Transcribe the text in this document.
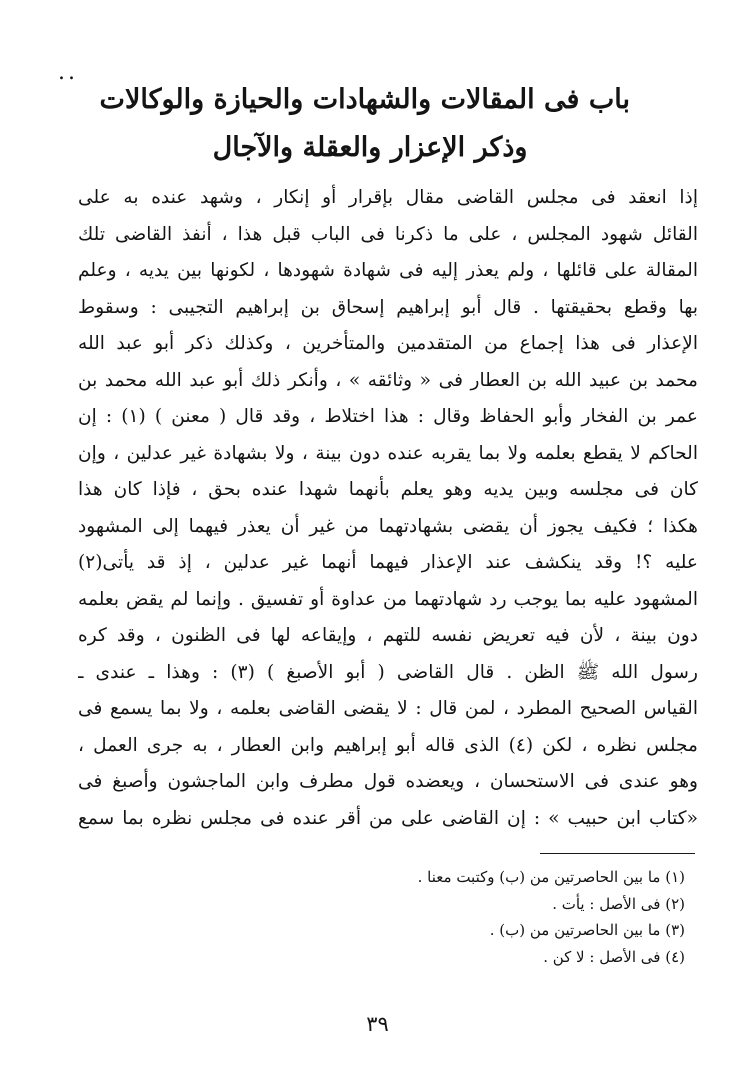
..
باب فى المقالات والشهادات والحيازة والوكالات
وذكر الإعزار والعقلة والآجال
إذا انعقد فى مجلس القاضى مقال بإقرار أو إنكار ، وشهد عنده به على
القائل شهود المجلس ، على ما ذكرنا فى الباب قبل هذا ، أنفذ القاضى تلك
المقالة على قائلها ، ولم يعذر إليه فى شهادة شهودها ، لكونها بين يديه ، وعلم
بها وقطع بحقيقتها . قال أبو إبراهيم إسحاق بن إبراهيم التجيبى : وسقوط
الإعذار فى هذا إجماع من المتقدمين والمتأخرين ، وكذلك ذكر أبو عبد الله
محمد بن عبيد الله بن العطار فى « وثائقه » ، وأنكر ذلك أبو عبد الله محمد بن
عمر بن الفخار وأبو الحفاظ وقال : هذا اختلاط ، وقد قال ( معنن ) (١) : إن
الحاكم لا يقطع بعلمه ولا بما يقربه عنده دون بينة ، ولا بشهادة غير عدلين ، وإن
كان فى مجلسه وبين يديه وهو يعلم بأنهما شهدا عنده بحق ، فإذا كان هذا
هكذا ؛ فكيف يجوز أن يقضى بشهادتهما من غير أن يعذر فيهما إلى المشهود
عليه ؟! وقد ينكشف عند الإعذار فيهما أنهما غير عدلين ، إذ قد يأتى(٢)
المشهود عليه بما يوجب رد شهادتهما من عداوة أو تفسيق . وإنما لم يقض بعلمه
دون بينة ، لأن فيه تعريض نفسه للتهم ، وإيقاعه لها فى الظنون ، وقد كره
رسول الله ﷺ الظن . قال القاضى ( أبو الأصبغ ) (٣) : وهذا ـ عندى ـ
القياس الصحيح المطرد ، لمن قال : لا يقضى القاضى بعلمه ، ولا بما يسمع فى
مجلس نظره ، لكن (٤) الذى قاله أبو إبراهيم وابن العطار ، به جرى العمل ،
وهو عندى فى الاستحسان ، ويعضده قول مطرف وابن الماجشون وأصبغ فى
«كتاب ابن حبيب » : إن القاضى على من أقر عنده فى مجلس نظره بما سمع
(١) ما بين الحاصرتين من (ب) وكتبت معنا .
(٢) فى الأصل : يأت .
(٣) ما بين الحاصرتين من (ب) .
(٤) فى الأصل : لا كن .
٣٩
